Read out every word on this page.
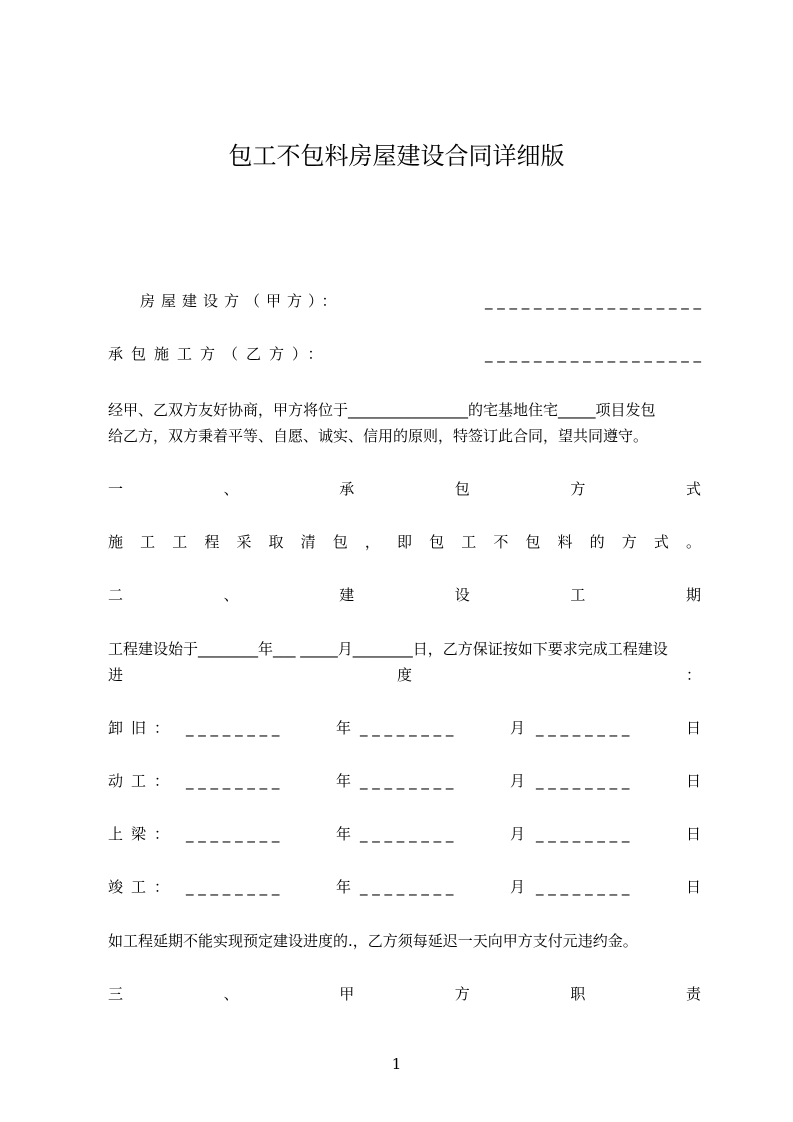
包工不包料房屋建设合同详细版
房屋建设方（甲方）：	_ _ _ _ _ _ _ _ _ _ _ _ _ _ _ _ _ _
承包施工方（乙方）：	_ _ _ _ _ _ _ _ _ _ _ _ _ _ _ _ _ _
经甲、乙双方友好协商，甲方将位于________________的宅基地住宅_____项目发包
给乙方，双方秉着平等、自愿、诚实、信用的原则，特签订此合同，望共同遵守。
一	、	承	包	方	式
施 工 工 程 采 取 清 包 ， 即 包 工 不 包 料 的 方 式 。
二	、	建	设	工	期
工程建设始于________年___ _____月________日，乙方保证按如下要求完成工程建设
进	度	：
卸旧： _ _ _ _ _ _ _ _	年 _ _ _ _ _ _ _ _	月 _ _ _ _ _ _ _ _	日
动工： _ _ _ _ _ _ _ _	年 _ _ _ _ _ _ _ _	月 _ _ _ _ _ _ _ _	日
上梁： _ _ _ _ _ _ _ _	年 _ _ _ _ _ _ _ _	月 _ _ _ _ _ _ _ _	日
竣工： _ _ _ _ _ _ _ _	年 _ _ _ _ _ _ _ _	月 _ _ _ _ _ _ _ _	日
如工程延期不能实现预定建设进度的.，乙方须每延迟一天向甲方支付元违约金。
三	、	甲	方	职	责
1
